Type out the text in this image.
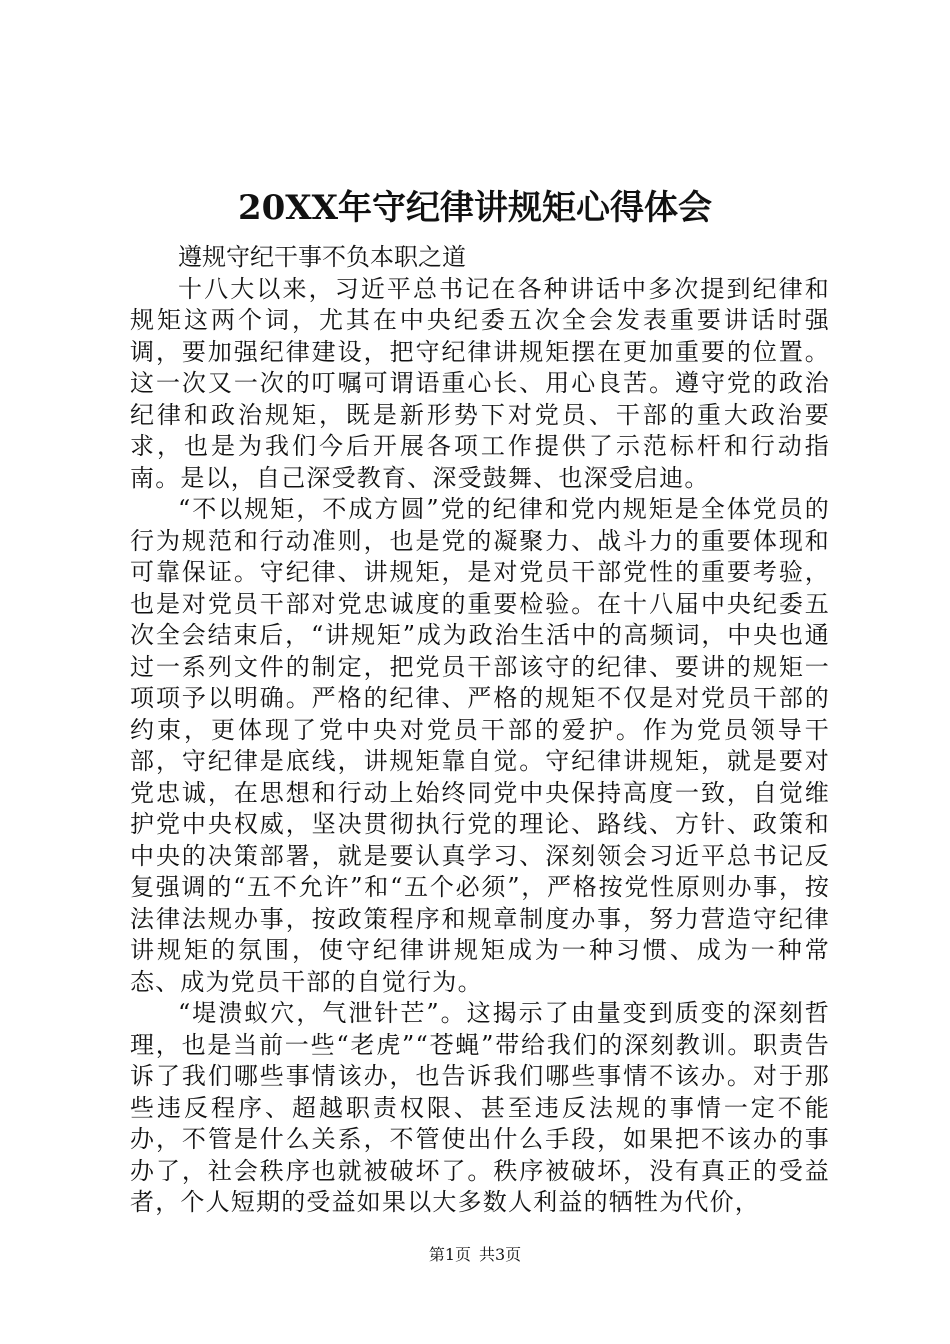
20XX年守纪律讲规矩心得体会

遵规守纪干事不负本职之道

十八大以来，习近平总书记在各种讲话中多次提到纪律和规矩这两个词，尤其在中央纪委五次全会发表重要讲话时强调，要加强纪律建设，把守纪律讲规矩摆在更加重要的位置。这一次又一次的叮嘱可谓语重心长、用心良苦。遵守党的政治纪律和政治规矩，既是新形势下对党员、干部的重大政治要求，也是为我们今后开展各项工作提供了示范标杆和行动指南。是以，自己深受教育、深受鼓舞、也深受启迪。

“不以规矩，不成方圆”党的纪律和党内规矩是全体党员的行为规范和行动准则，也是党的凝聚力、战斗力的重要体现和可靠保证。守纪律、讲规矩，是对党员干部党性的重要考验，也是对党员干部对党忠诚度的重要检验。在十八届中央纪委五次全会结束后，“讲规矩”成为政治生活中的高频词，中央也通过一系列文件的制定，把党员干部该守的纪律、要讲的规矩一项项予以明确。严格的纪律、严格的规矩不仅是对党员干部的约束，更体现了党中央对党员干部的爱护。作为党员领导干部，守纪律是底线，讲规矩靠自觉。守纪律讲规矩，就是要对党忠诚，在思想和行动上始终同党中央保持高度一致，自觉维护党中央权威，坚决贯彻执行党的理论、路线、方针、政策和中央的决策部署，就是要认真学习、深刻领会习近平总书记反复强调的“五不允许”和“五个必须”，严格按党性原则办事，按法律法规办事，按政策程序和规章制度办事，努力营造守纪律讲规矩的氛围，使守纪律讲规矩成为一种习惯、成为一种常态、成为党员干部的自觉行为。

“堤溃蚁穴，气泄针芒”。这揭示了由量变到质变的深刻哲理，也是当前一些“老虎”“苍蝇”带给我们的深刻教训。职责告诉了我们哪些事情该办，也告诉我们哪些事情不该办。对于那些违反程序、超越职责权限、甚至违反法规的事情一定不能办，不管是什么关系，不管使出什么手段，如果把不该办的事办了，社会秩序也就被破坏了。秩序被破坏，没有真正的受益者，个人短期的受益如果以大多数人利益的牺牲为代价，

第1页 共3页
